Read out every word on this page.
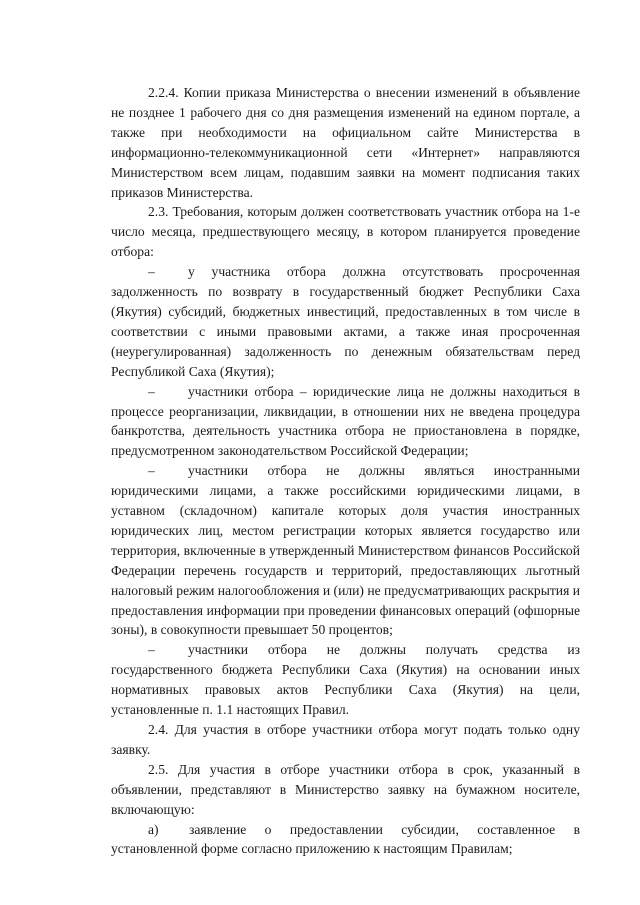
2.2.4. Копии приказа Министерства о внесении изменений в объявление не позднее 1 рабочего дня со дня размещения изменений на едином портале, а также при необходимости на официальном сайте Министерства в информационно-телекоммуникационной сети «Интернет» направляются Министерством всем лицам, подавшим заявки на момент подписания таких приказов Министерства.

2.3. Требования, которым должен соответствовать участник отбора на 1-е число месяца, предшествующего месяцу, в котором планируется проведение отбора:

– у участника отбора должна отсутствовать просроченная задолженность по возврату в государственный бюджет Республики Саха (Якутия) субсидий, бюджетных инвестиций, предоставленных в том числе в соответствии с иными правовыми актами, а также иная просроченная (неурегулированная) задолженность по денежным обязательствам перед Республикой Саха (Якутия);

– участники отбора – юридические лица не должны находиться в процессе реорганизации, ликвидации, в отношении них не введена процедура банкротства, деятельность участника отбора не приостановлена в порядке, предусмотренном законодательством Российской Федерации;

– участники отбора не должны являться иностранными юридическими лицами, а также российскими юридическими лицами, в уставном (складочном) капитале которых доля участия иностранных юридических лиц, местом регистрации которых является государство или территория, включенные в утвержденный Министерством финансов Российской Федерации перечень государств и территорий, предоставляющих льготный налоговый режим налогообложения и (или) не предусматривающих раскрытия и предоставления информации при проведении финансовых операций (офшорные зоны), в совокупности превышает 50 процентов;

– участники отбора не должны получать средства из государственного бюджета Республики Саха (Якутия) на основании иных нормативных правовых актов Республики Саха (Якутия) на цели, установленные п. 1.1 настоящих Правил.

2.4. Для участия в отборе участники отбора могут подать только одну заявку.

2.5. Для участия в отборе участники отбора в срок, указанный в объявлении, представляют в Министерство заявку на бумажном носителе, включающую:

а) заявление о предоставлении субсидии, составленное в установленной форме согласно приложению к настоящим Правилам;
